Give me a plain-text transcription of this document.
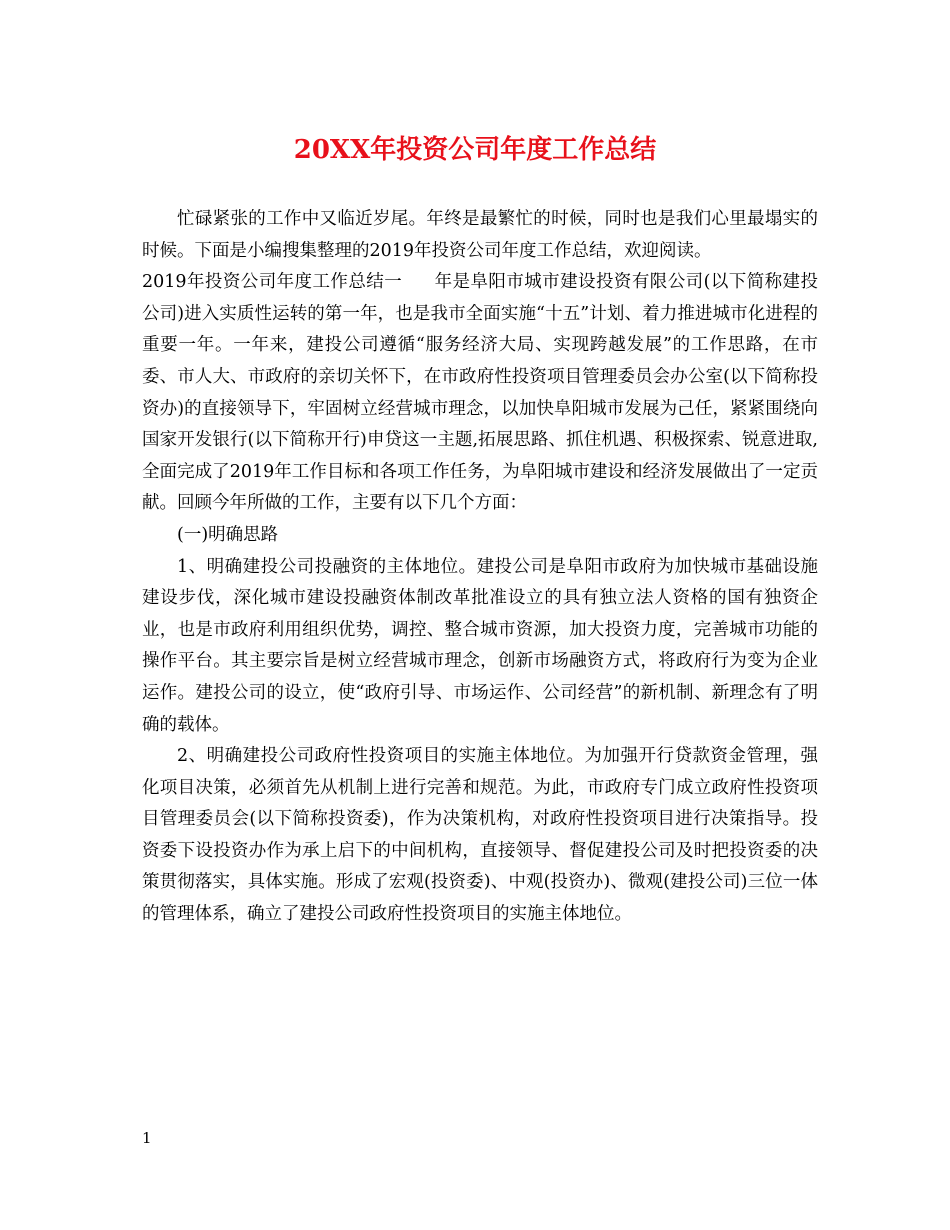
20XX年投资公司年度工作总结

忙碌紧张的工作中又临近岁尾。年终是最繁忙的时候，同时也是我们心里最塌实的时候。下面是小编搜集整理的2019年投资公司年度工作总结，欢迎阅读。

2019年投资公司年度工作总结一 年是阜阳市城市建设投资有限公司(以下简称建投公司)进入实质性运转的第一年，也是我市全面实施“十五”计划、着力推进城市化进程的重要一年。一年来，建投公司遵循“服务经济大局、实现跨越发展”的工作思路，在市委、市人大、市政府的亲切关怀下，在市政府性投资项目管理委员会办公室(以下简称投资办)的直接领导下，牢固树立经营城市理念，以加快阜阳城市发展为己任，紧紧围绕向国家开发银行(以下简称开行)申贷这一主题,拓展思路、抓住机遇、积极探索、锐意进取,全面完成了2019年工作目标和各项工作任务，为阜阳城市建设和经济发展做出了一定贡献。回顾今年所做的工作，主要有以下几个方面：

(一)明确思路

1、明确建投公司投融资的主体地位。建投公司是阜阳市政府为加快城市基础设施建设步伐，深化城市建设投融资体制改革批准设立的具有独立法人资格的国有独资企业，也是市政府利用组织优势，调控、整合城市资源，加大投资力度，完善城市功能的操作平台。其主要宗旨是树立经营城市理念，创新市场融资方式，将政府行为变为企业运作。建投公司的设立，使“政府引导、市场运作、公司经营”的新机制、新理念有了明确的载体。

2、明确建投公司政府性投资项目的实施主体地位。为加强开行贷款资金管理，强化项目决策，必须首先从机制上进行完善和规范。为此，市政府专门成立政府性投资项目管理委员会(以下简称投资委)，作为决策机构，对政府性投资项目进行决策指导。投资委下设投资办作为承上启下的中间机构，直接领导、督促建投公司及时把投资委的决策贯彻落实，具体实施。形成了宏观(投资委)、中观(投资办)、微观(建投公司)三位一体的管理体系，确立了建投公司政府性投资项目的实施主体地位。

1
